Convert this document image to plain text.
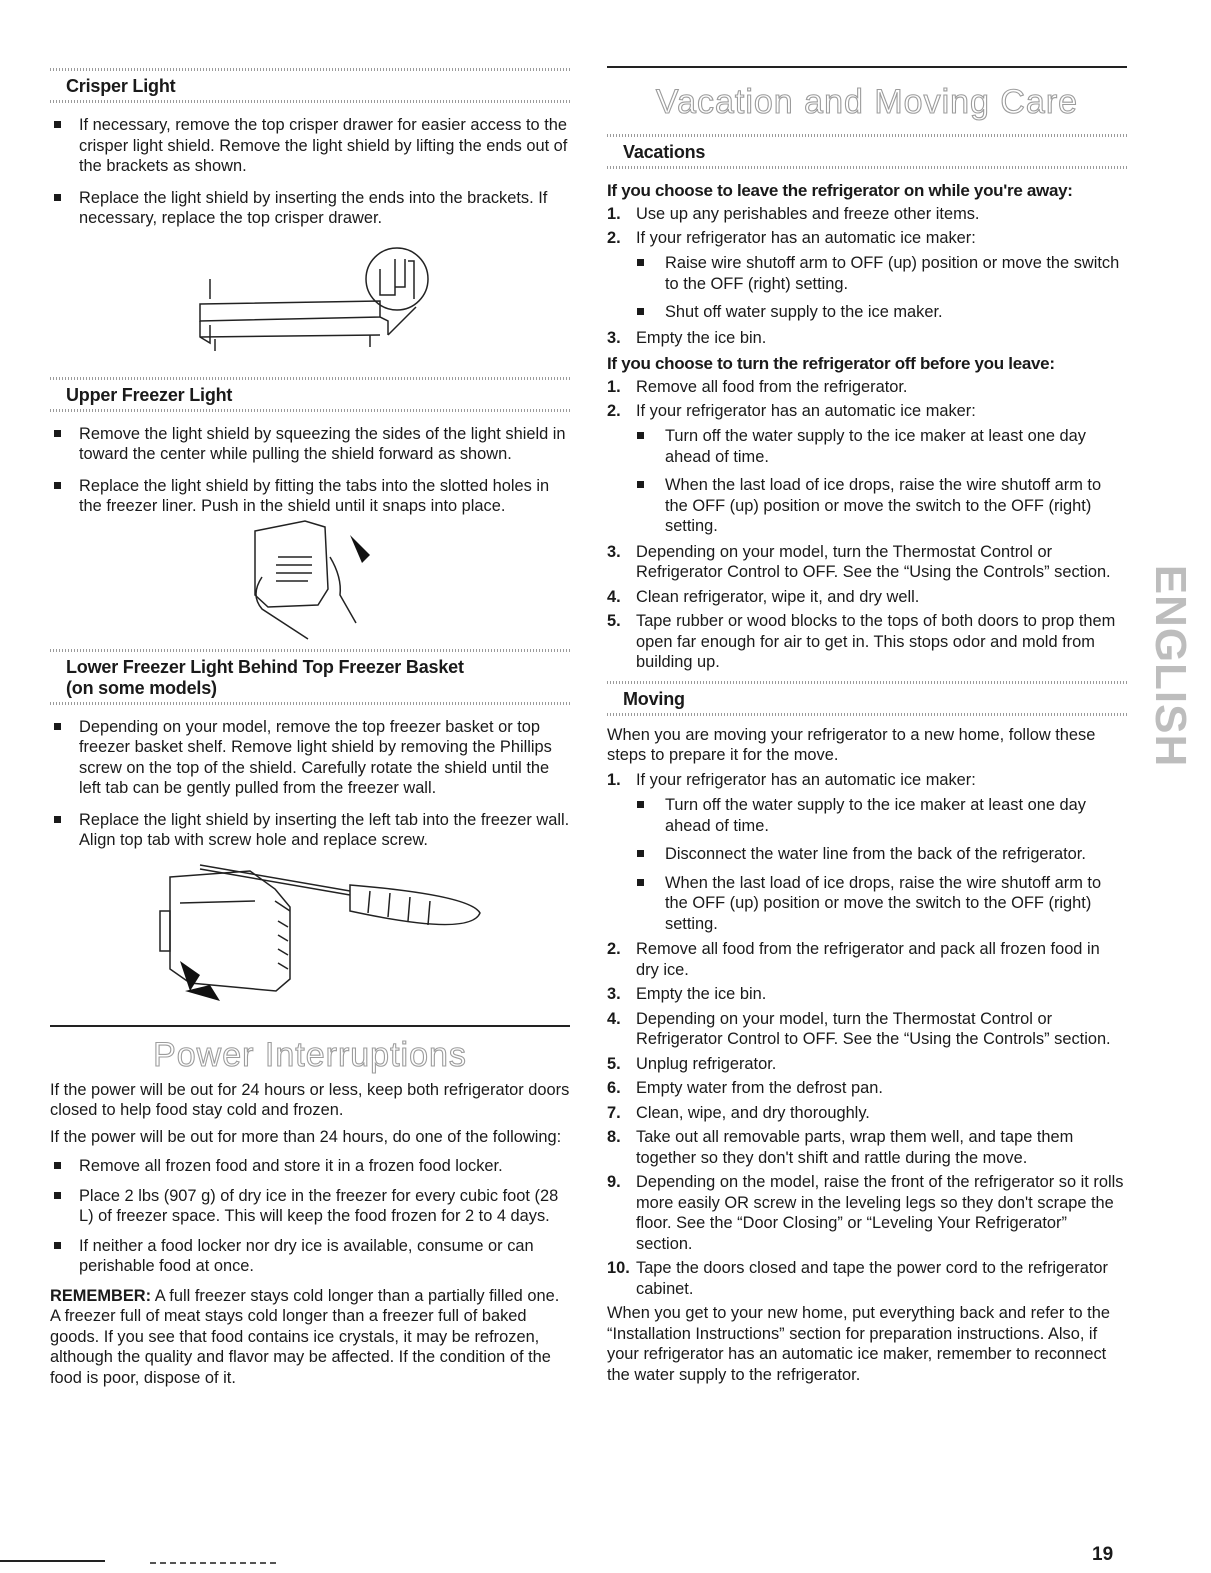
Crisper Light
If necessary, remove the top crisper drawer for easier access to the crisper light shield. Remove the light shield by lifting the ends out of the brackets as shown.
Replace the light shield by inserting the ends into the brackets. If necessary, replace the top crisper drawer.
Upper Freezer Light
Remove the light shield by squeezing the sides of the light shield in toward the center while pulling the shield forward as shown.
Replace the light shield by fitting the tabs into the slotted holes in the freezer liner. Push in the shield until it snaps into place.
Lower Freezer Light Behind Top Freezer Basket
(on some models)
Depending on your model, remove the top freezer basket or top freezer basket shelf. Remove light shield by removing the Phillips screw on the top of the shield. Carefully rotate the shield until the left tab can be gently pulled from the freezer wall.
Replace the light shield by inserting the left tab into the freezer wall. Align top tab with screw hole and replace screw.
Power Interruptions

If the power will be out for 24 hours or less, keep both refrigerator doors closed to help food stay cold and frozen.

If the power will be out for more than 24 hours, do one of the following:

Remove all frozen food and store it in a frozen food locker.
Place 2 lbs (907 g) of dry ice in the freezer for every cubic foot (28 L) of freezer space. This will keep the food frozen for 2 to 4 days.
If neither a food locker nor dry ice is available, consume or can perishable food at once.

REMEMBER: A full freezer stays cold longer than a partially filled one. A freezer full of meat stays cold longer than a freezer full of baked goods. If you see that food contains ice crystals, it may be refrozen, although the quality and flavor may be affected. If the condition of the food is poor, dispose of it.

Vacation and Moving Care
Vacations
If you choose to leave the refrigerator on while you're away:
1. Use up any perishables and freeze other items.
2. If your refrigerator has an automatic ice maker:
Raise wire shutoff arm to OFF (up) position or move the switch to the OFF (right) setting.
Shut off water supply to the ice maker.
3. Empty the ice bin.
If you choose to turn the refrigerator off before you leave:
1. Remove all food from the refrigerator.
2. If your refrigerator has an automatic ice maker:
Turn off the water supply to the ice maker at least one day ahead of time.
When the last load of ice drops, raise the wire shutoff arm to the OFF (up) position or move the switch to the OFF (right) setting.
3. Depending on your model, turn the Thermostat Control or Refrigerator Control to OFF. See the “Using the Controls” section.
4. Clean refrigerator, wipe it, and dry well.
5. Tape rubber or wood blocks to the tops of both doors to prop them open far enough for air to get in. This stops odor and mold from building up.
Moving

When you are moving your refrigerator to a new home, follow these steps to prepare it for the move.

1. If your refrigerator has an automatic ice maker:
Turn off the water supply to the ice maker at least one day ahead of time.
Disconnect the water line from the back of the refrigerator.
When the last load of ice drops, raise the wire shutoff arm to the OFF (up) position or move the switch to the OFF (right) setting.
2. Remove all food from the refrigerator and pack all frozen food in dry ice.
3. Empty the ice bin.
4. Depending on your model, turn the Thermostat Control or Refrigerator Control to OFF. See the “Using the Controls” section.
5. Unplug refrigerator.
6. Empty water from the defrost pan.
7. Clean, wipe, and dry thoroughly.
8. Take out all removable parts, wrap them well, and tape them together so they don't shift and rattle during the move.
9. Depending on the model, raise the front of the refrigerator so it rolls more easily OR screw in the leveling legs so they don't scrape the floor. See the “Door Closing” or “Leveling Your Refrigerator” section.
10. Tape the doors closed and tape the power cord to the refrigerator cabinet.

When you get to your new home, put everything back and refer to the “Installation Instructions” section for preparation instructions. Also, if your refrigerator has an automatic ice maker, remember to reconnect the water supply to the refrigerator.

ENGLISH
19
